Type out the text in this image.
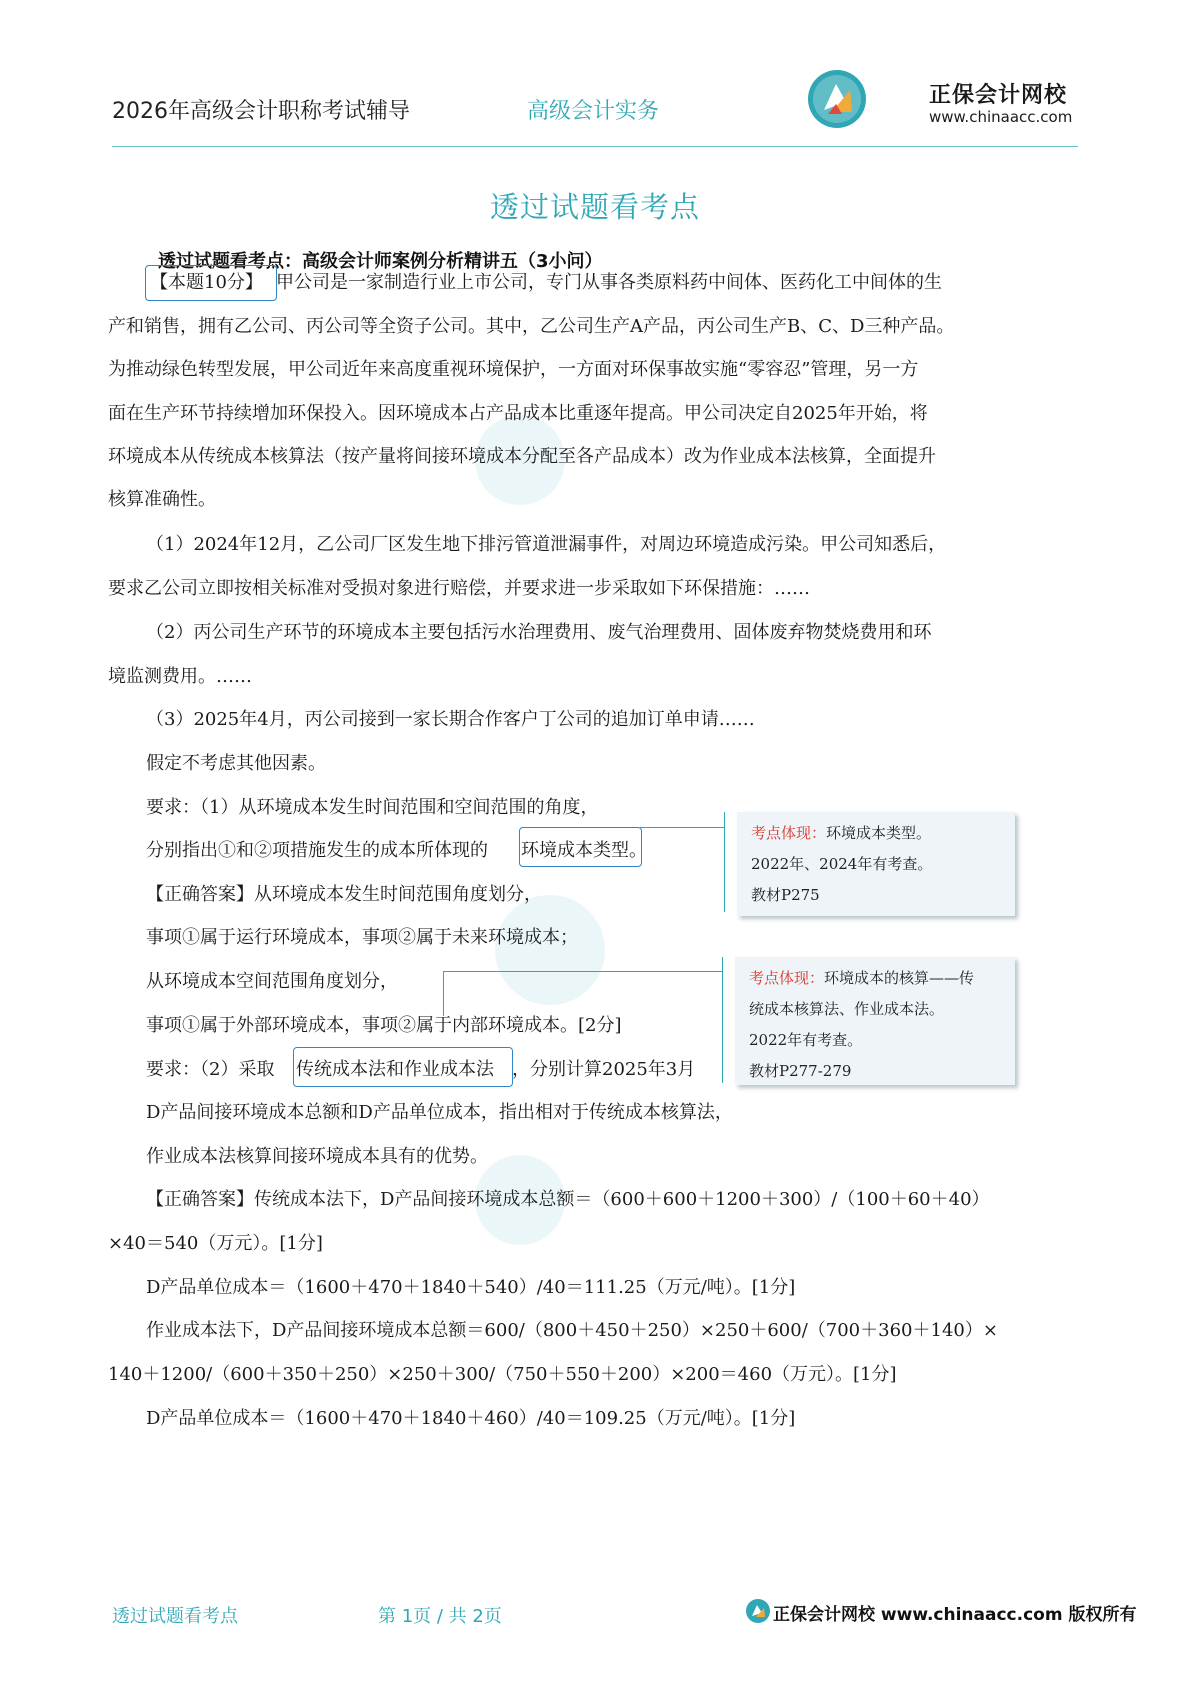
2026年高级会计职称考试辅导	高级会计实务
正保会计网校
www.chinaacc.com
透过试题看考点
透过试题看考点：高级会计师案例分析精讲五（3小问）
【本题10分】 甲公司是一家制造行业上市公司，专门从事各类原料药中间体、医药化工中间体的生
产和销售，拥有乙公司、丙公司等全资子公司。其中，乙公司生产A产品，丙公司生产B、C、D三种产品。
为推动绿色转型发展，甲公司近年来高度重视环境保护，一方面对环保事故实施“零容忍”管理，另一方
面在生产环节持续增加环保投入。因环境成本占产品成本比重逐年提高。甲公司决定自2025年开始，将
环境成本从传统成本核算法（按产量将间接环境成本分配至各产品成本）改为作业成本法核算，全面提升
核算准确性。
（1）2024年12月，乙公司厂区发生地下排污管道泄漏事件，对周边环境造成污染。甲公司知悉后，
要求乙公司立即按相关标准对受损对象进行赔偿，并要求进一步采取如下环保措施：……
（2）丙公司生产环节的环境成本主要包括污水治理费用、废气治理费用、固体废弃物焚烧费用和环
境监测费用。……
（3）2025年4月，丙公司接到一家长期合作客户丁公司的追加订单申请……
假定不考虑其他因素。
要求：（1）从环境成本发生时间范围和空间范围的角度，
分别指出①和②项措施发生的成本所体现的 环境成本类型。
考点体现：环境成本类型。
2022年、2024年有考查。
教材P275
【正确答案】从环境成本发生时间范围角度划分，
事项①属于运行环境成本，事项②属于未来环境成本；
从环境成本空间范围角度划分，
事项①属于外部环境成本，事项②属于内部环境成本。[2分]
考点体现：环境成本的核算——传
统成本核算法、作业成本法。
2022年有考查。
教材P277-279
要求：（2）采取 传统成本法和作业成本法 ，分别计算2025年3月
D产品间接环境成本总额和D产品单位成本，指出相对于传统成本核算法，
作业成本法核算间接环境成本具有的优势。
【正确答案】传统成本法下，D产品间接环境成本总额＝（600＋600＋1200＋300）/（100＋60＋40）
×40＝540（万元）。[1分]
D产品单位成本＝（1600＋470＋1840＋540）/40＝111.25（万元/吨）。[1分]
作业成本法下，D产品间接环境成本总额＝600/（800＋450＋250）×250＋600/（700＋360＋140）×
140＋1200/（600＋350＋250）×250＋300/（750＋550＋200）×200＝460（万元）。[1分]
D产品单位成本＝（1600＋470＋1840＋460）/40＝109.25（万元/吨）。[1分]
透过试题看考点	第 1页 / 共 2页	正保会计网校 www.chinaacc.com 版权所有
